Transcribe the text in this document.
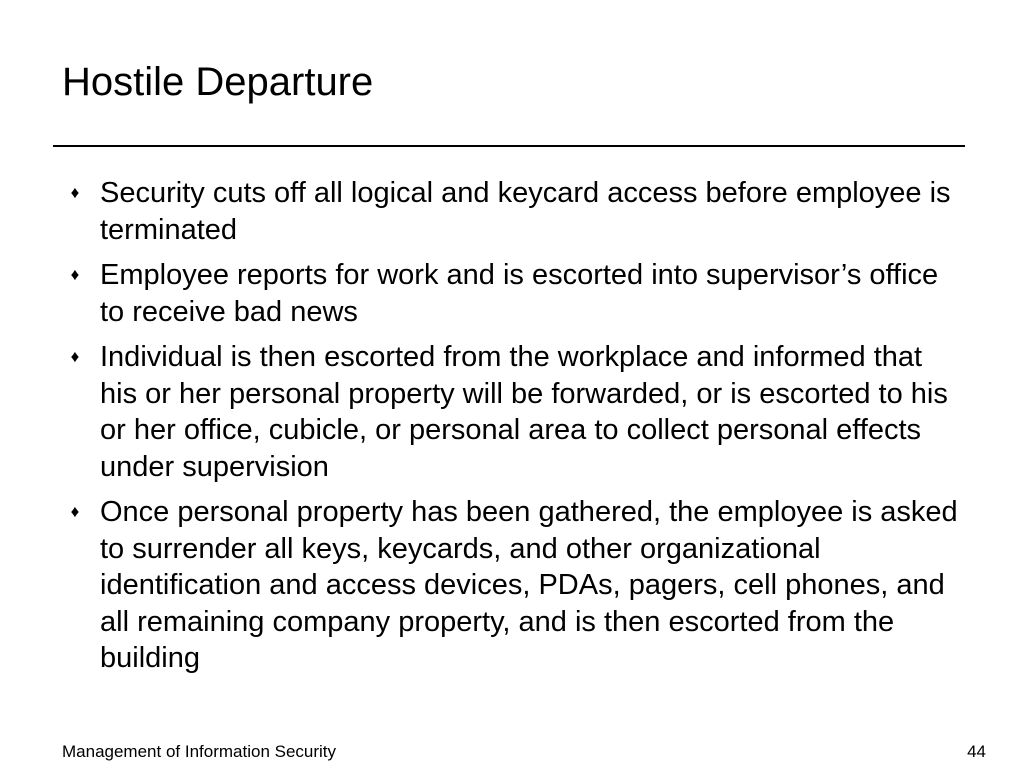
Hostile Departure
♦ Security cuts off all logical and keycard access before employee is terminated
♦ Employee reports for work and is escorted into supervisor’s office to receive bad news
♦ Individual is then escorted from the workplace and informed that his or her personal property will be forwarded, or is escorted to his or her office, cubicle, or personal area to collect personal effects under supervision
♦ Once personal property has been gathered, the employee is asked to surrender all keys, keycards, and other organizational identification and access devices, PDAs, pagers, cell phones, and all remaining company property, and is then escorted from the building
Management of Information Security	44
